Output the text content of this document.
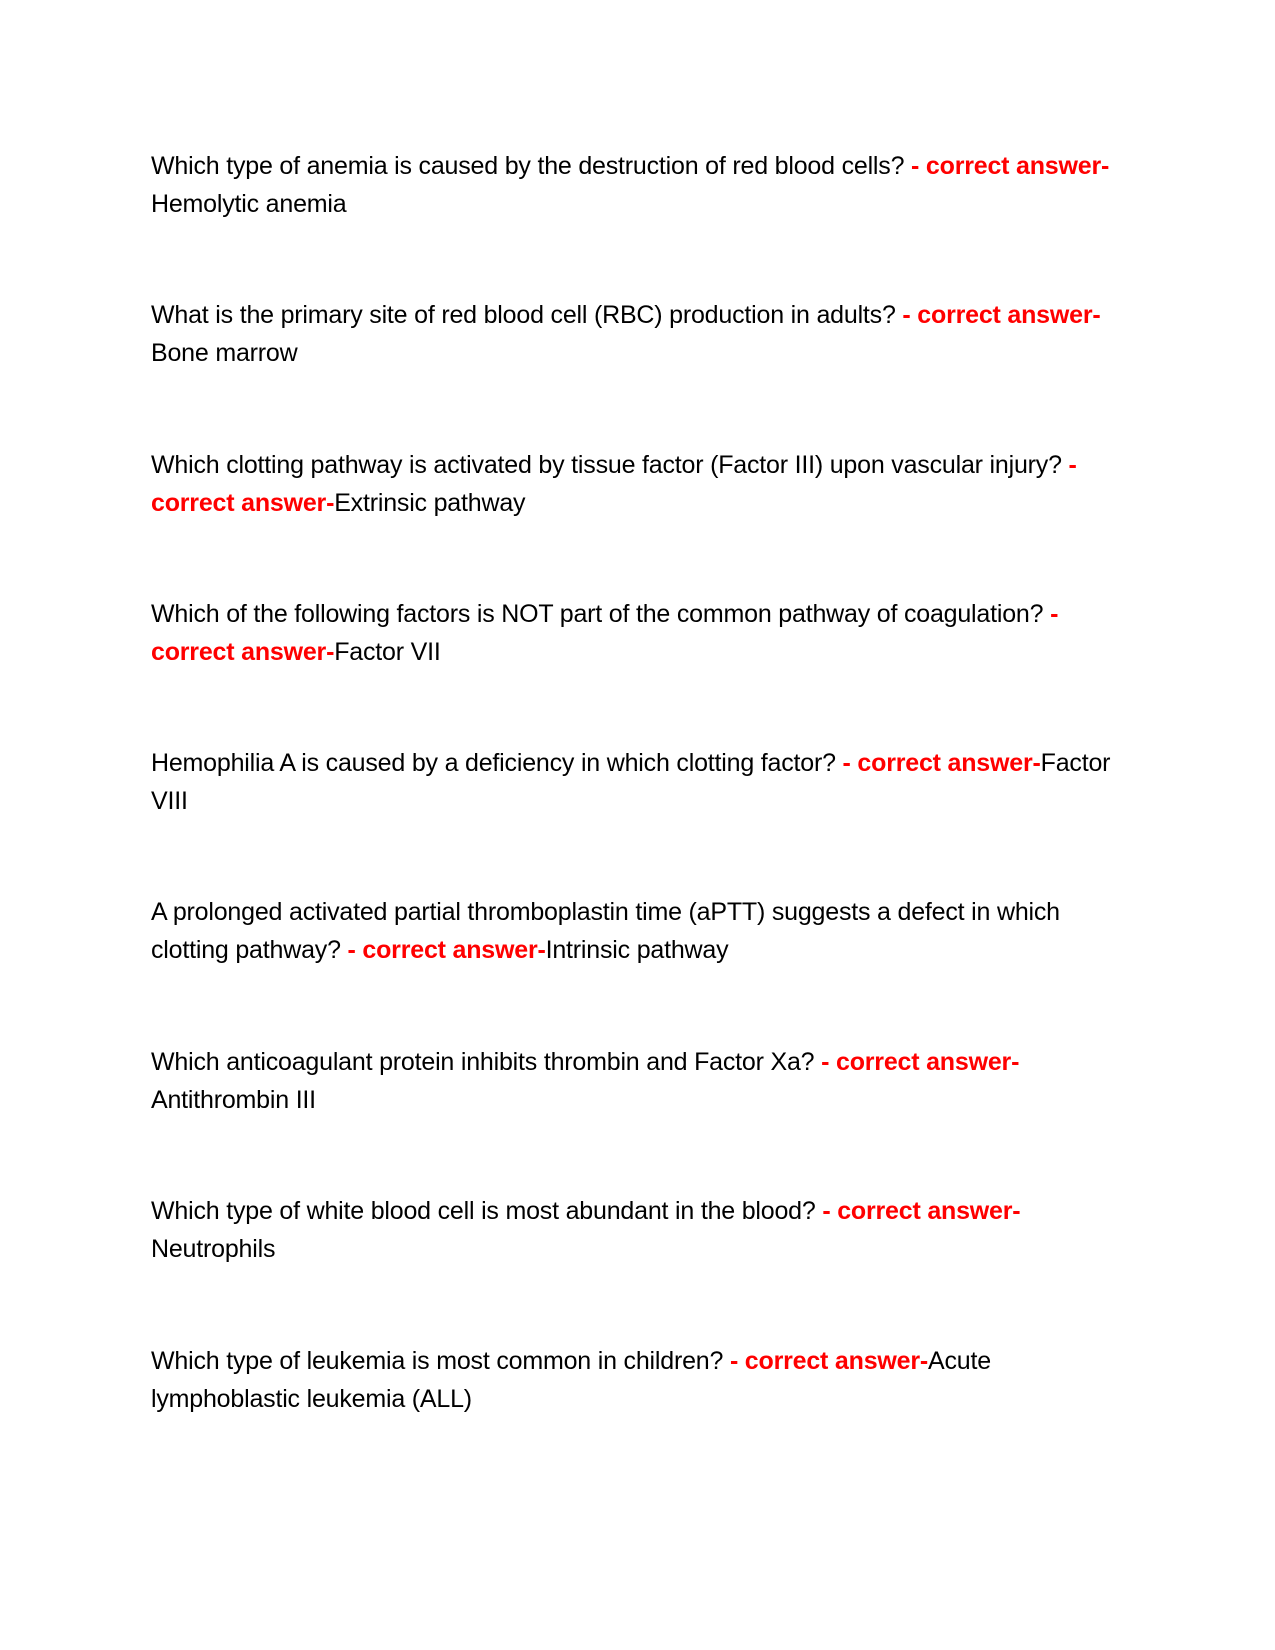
Which type of anemia is caused by the destruction of red blood cells? - correct answer-Hemolytic anemia

What is the primary site of red blood cell (RBC) production in adults? - correct answer-Bone marrow

Which clotting pathway is activated by tissue factor (Factor III) upon vascular injury? - correct answer-Extrinsic pathway

Which of the following factors is NOT part of the common pathway of coagulation? - correct answer-Factor VII

Hemophilia A is caused by a deficiency in which clotting factor? - correct answer-Factor VIII

A prolonged activated partial thromboplastin time (aPTT) suggests a defect in which clotting pathway? - correct answer-Intrinsic pathway

Which anticoagulant protein inhibits thrombin and Factor Xa? - correct answer-Antithrombin III

Which type of white blood cell is most abundant in the blood? - correct answer-Neutrophils

Which type of leukemia is most common in children? - correct answer-Acute lymphoblastic leukemia (ALL)
